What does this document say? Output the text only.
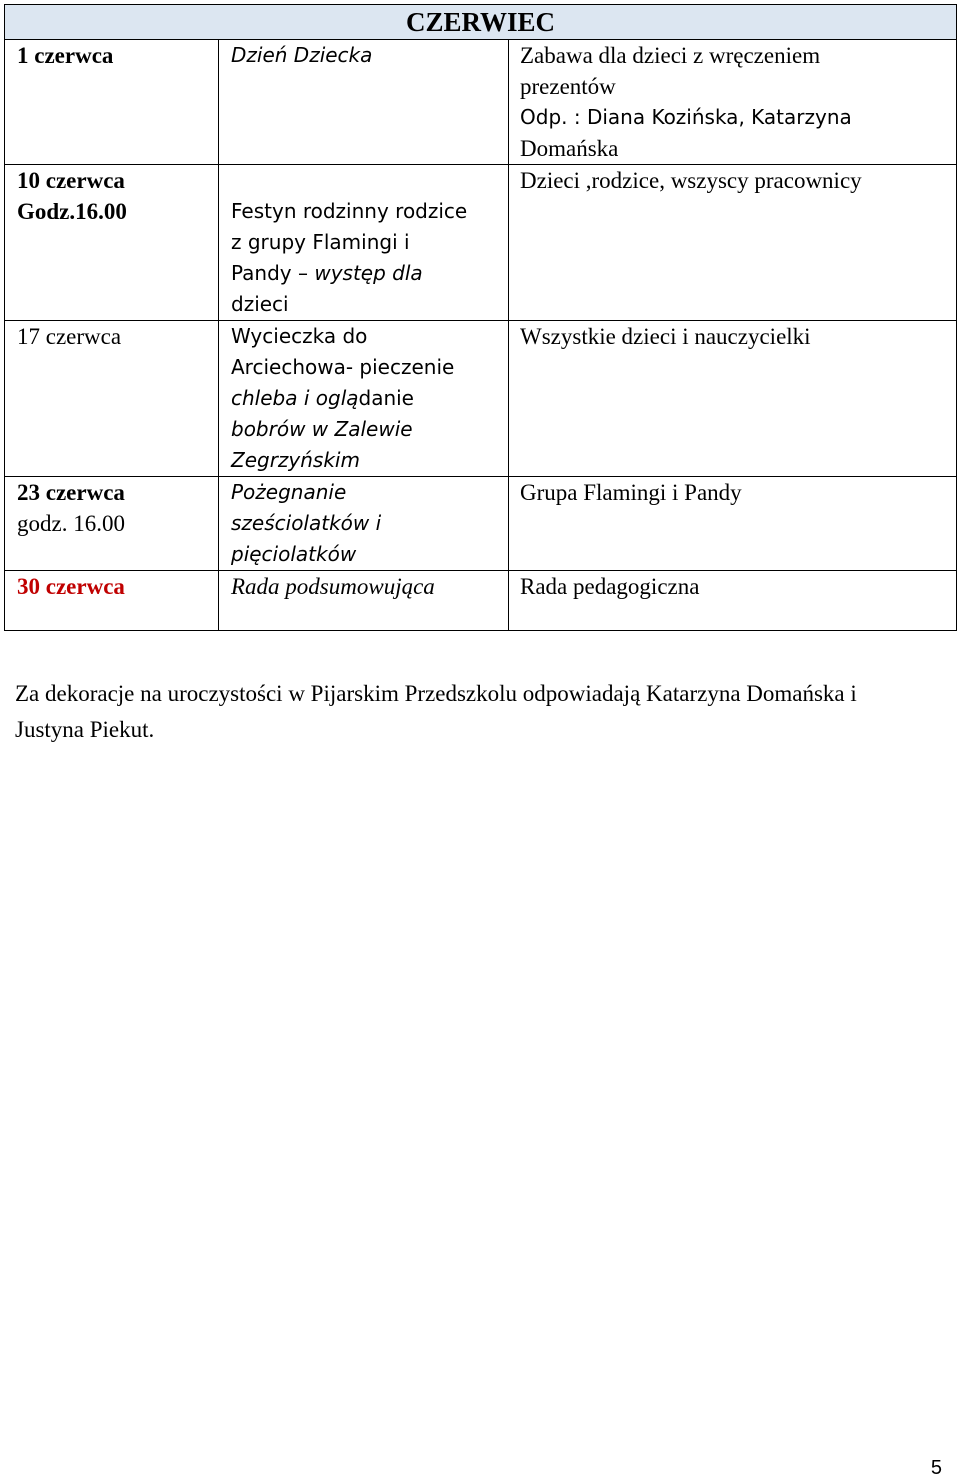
CZERWIEC		

1 czerwca	Dzień Dziecka	Zabawa dla dzieci z wręczeniem
prezentów
Odp. : Diana Kozińska, Katarzyna
Domańska

10 czerwca
Godz.16.00	Festyn rodzinny rodzice
z grupy Flamingi i
Pandy – występ dla
dzieci	Dzieci ,rodzice, wszyscy pracownicy

17 czerwca	Wycieczka do
Arciechowa- pieczenie
chleba i oglądanie
bobrów w Zalewie
Zegrzyńskim	Wszystkie dzieci i nauczycielki

23 czerwca
godz. 16.00	Pożegnanie
sześciolatków i
pięciolatków	Grupa Flamingi i Pandy

30 czerwca	Rada podsumowująca	Rada pedagogiczna
Za dekoracje na uroczystości w Pijarskim Przedszkolu odpowiadają Katarzyna Domańska i Justyna Piekut.
5
